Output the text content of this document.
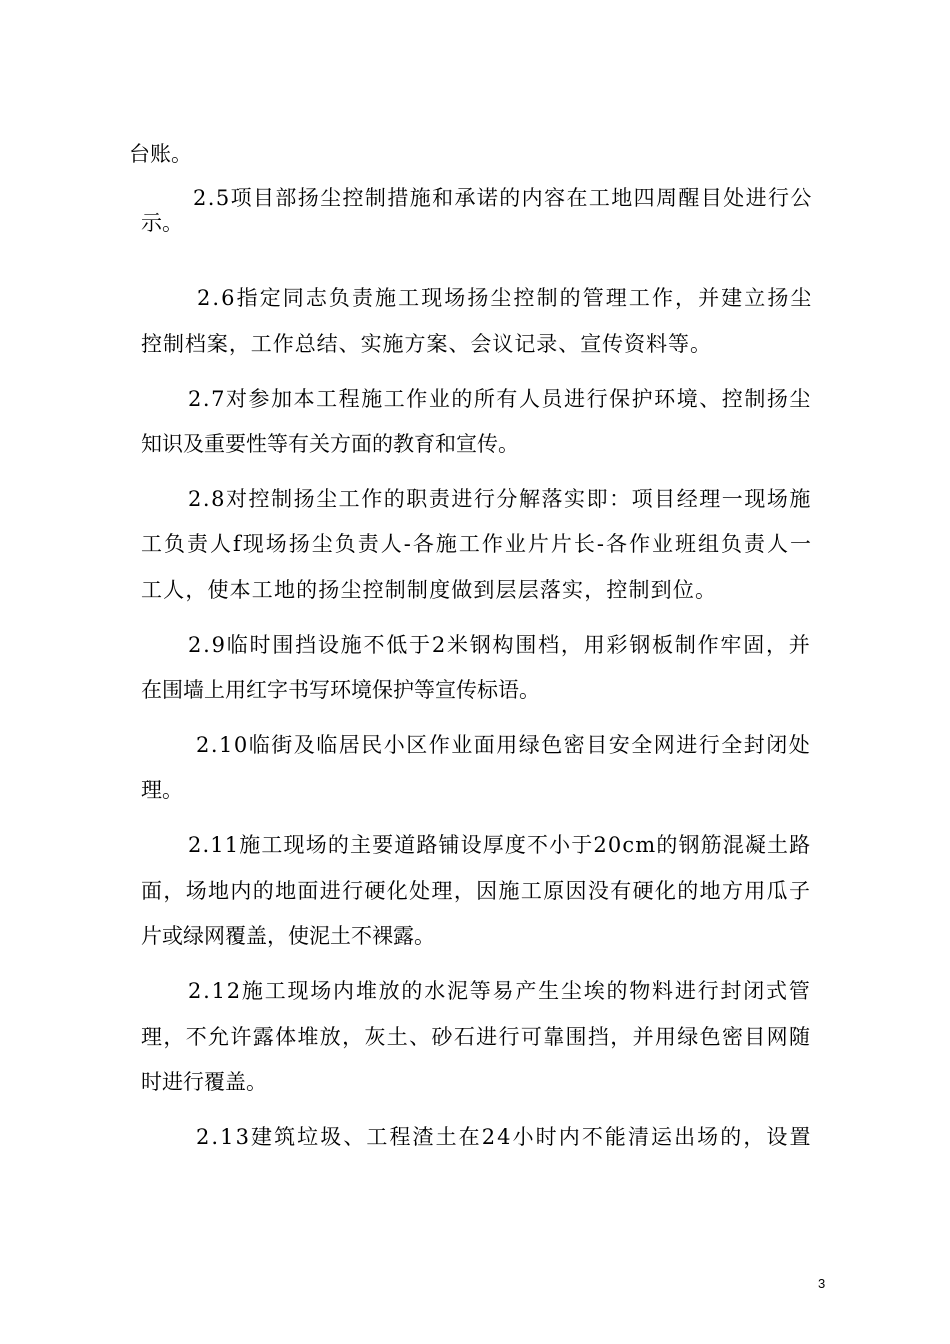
台账。
2.5项目部扬尘控制措施和承诺的内容在工地四周醒目处进行公
示。
2.6指定同志负责施工现场扬尘控制的管理工作，并建立扬尘
控制档案，工作总结、实施方案、会议记录、宣传资料等。
2.7对参加本工程施工作业的所有人员进行保护环境、控制扬尘
知识及重要性等有关方面的教育和宣传。
2.8对控制扬尘工作的职责进行分解落实即：项目经理一现场施
工负责人f现场扬尘负责人-各施工作业片片长-各作业班组负责人一
工人，使本工地的扬尘控制制度做到层层落实，控制到位。
2.9临时围挡设施不低于2米钢构围档，用彩钢板制作牢固，并
在围墙上用红字书写环境保护等宣传标语。
2.10临街及临居民小区作业面用绿色密目安全网进行全封闭处
理。
2.11施工现场的主要道路铺设厚度不小于20cm的钢筋混凝土路
面，场地内的地面进行硬化处理，因施工原因没有硬化的地方用瓜子
片或绿网覆盖，使泥土不裸露。
2.12施工现场内堆放的水泥等易产生尘埃的物料进行封闭式管
理，不允许露体堆放，灰土、砂石进行可靠围挡，并用绿色密目网随
时进行覆盖。
2.13建筑垃圾、工程渣土在24小时内不能清运出场的，设置
3
